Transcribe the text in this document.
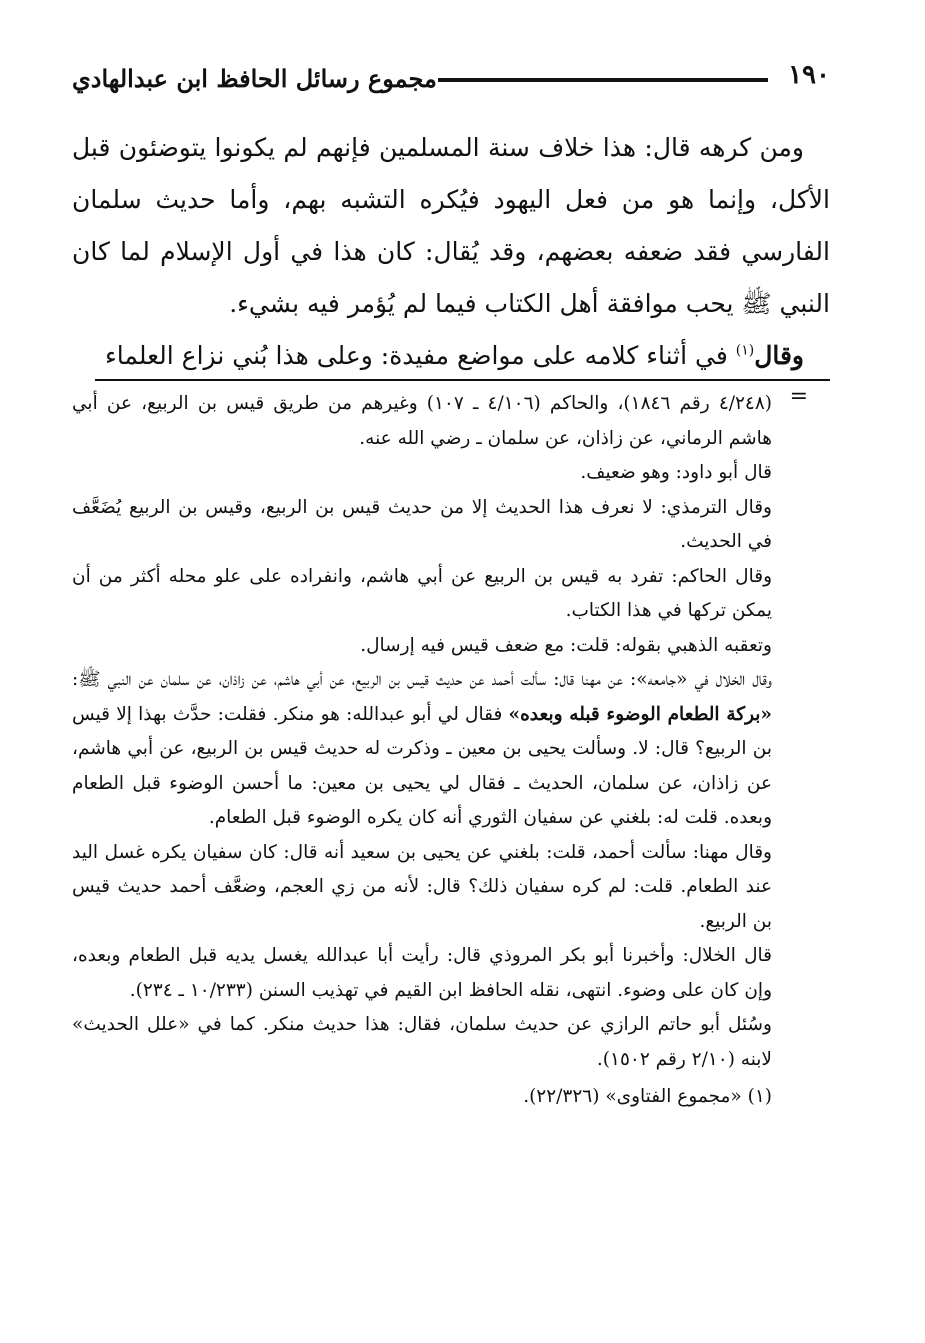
١٩٠
مجموع رسائل الحافظ ابن عبدالهادي

ومن كرهه قال: هذا خلاف سنة المسلمين فإنهم لم يكونوا يتوضئون قبل الأكل، وإنما هو من فعل اليهود فيُكره التشبه بهم، وأما حديث سلمان الفارسي فقد ضعفه بعضهم، وقد يُقال: كان هذا في أول الإسلام لما كان النبي ﷺ يحب موافقة أهل الكتاب فيما لم يُؤمر فيه بشيء.

وقال$^{(١)}$ في أثناء كلامه على مواضع مفيدة: وعلى هذا بُني نزاع العلماء

=

(٤/٢٤٨ رقم ١٨٤٦)، والحاكم (٤/١٠٦ ـ ١٠٧) وغيرهم من طريق قيس بن الربيع، عن أبي هاشم الرماني، عن زاذان، عن سلمان ـ رضي الله عنه.

قال أبو داود: وهو ضعيف.

وقال الترمذي: لا نعرف هذا الحديث إلا من حديث قيس بن الربيع، وقيس بن الربيع يُضَعَّف في الحديث.

وقال الحاكم: تفرد به قيس بن الربيع عن أبي هاشم، وانفراده على علو محله أكثر من أن يمكن تركها في هذا الكتاب.

وتعقبه الذهبي بقوله: قلت: مع ضعف قيس فيه إرسال.

وقال الخلال في «جامعه»: عن مهنا قال: سألت أحمد عن حديث قيس بن الربيع، عن أبي هاشم، عن زاذان، عن سلمان عن النبي ﷺ: «بركة الطعام الوضوء قبله وبعده» فقال لي أبو عبدالله: هو منكر. فقلت: حدَّث بهذا إلا قيس بن الربيع؟ قال: لا. وسألت يحيى بن معين ـ وذكرت له حديث قيس بن الربيع، عن أبي هاشم، عن زاذان، عن سلمان، الحديث ـ فقال لي يحيى بن معين: ما أحسن الوضوء قبل الطعام وبعده. قلت له: بلغني عن سفيان الثوري أنه كان يكره الوضوء قبل الطعام.

وقال مهنا: سألت أحمد، قلت: بلغني عن يحيى بن سعيد أنه قال: كان سفيان يكره غسل اليد عند الطعام. قلت: لم كره سفيان ذلك؟ قال: لأنه من زي العجم، وضعَّف أحمد حديث قيس بن الربيع.

قال الخلال: وأخبرنا أبو بكر المروذي قال: رأيت أبا عبدالله يغسل يديه قبل الطعام وبعده، وإن كان على وضوء. انتهى، نقله الحافظ ابن القيم في تهذيب السنن (١٠/٢٣٣ ـ ٢٣٤).

وسُئل أبو حاتم الرازي عن حديث سلمان، فقال: هذا حديث منكر. كما في «علل الحديث» لابنه (٢/١٠ رقم ١٥٠٢).

(١) «مجموع الفتاوى» (٢٢/٣٢٦).
